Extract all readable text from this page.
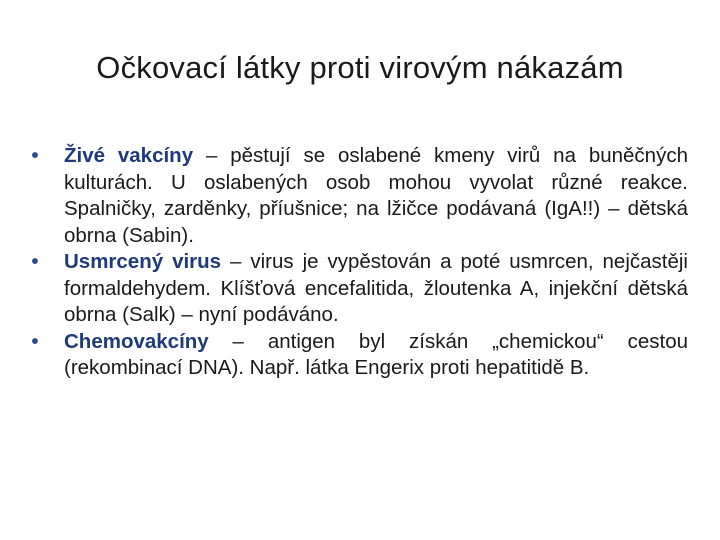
Očkovací látky proti virovým nákazám
• Živé vakcíny – pěstují se oslabené kmeny virů na buněčných kulturách. U oslabených osob mohou vyvolat různé reakce. Spalničky, zarděnky, příušnice; na lžičce podávaná (IgA!!) – dětská obrna (Sabin).
• Usmrcený virus – virus je vypěstován a poté usmrcen, nejčastěji formaldehydem. Klíšťová encefalitida, žloutenka A, injekční dětská obrna (Salk) – nyní podáváno.
• Chemovakcíny – antigen byl získán „chemickou“ cestou (rekombinací DNA). Např. látka Engerix proti hepatitidě B.
